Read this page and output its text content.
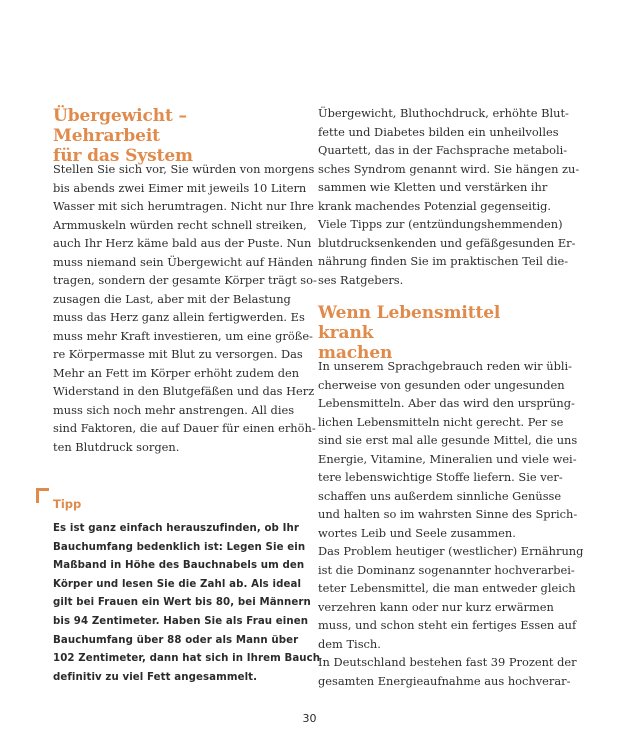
Übergewicht – Mehrarbeit
für das System

Stellen Sie sich vor, Sie würden von morgens
bis abends zwei Eimer mit jeweils 10 Litern
Wasser mit sich herumtragen. Nicht nur Ihre
Armmuskeln würden recht schnell streiken,
auch Ihr Herz käme bald aus der Puste. Nun
muss niemand sein Übergewicht auf Händen
tragen, sondern der gesamte Körper trägt so-
zusagen die Last, aber mit der Belastung
muss das Herz ganz allein fertigwerden. Es
muss mehr Kraft investieren, um eine größe-
re Körpermasse mit Blut zu versorgen. Das
Mehr an Fett im Körper erhöht zudem den
Widerstand in den Blutgefäßen und das Herz
muss sich noch mehr anstrengen. All dies
sind Faktoren, die auf Dauer für einen erhöh-
ten Blutdruck sorgen.

Tipp

Es ist ganz einfach herauszufinden, ob Ihr
Bauchumfang bedenklich ist: Legen Sie ein
Maßband in Höhe des Bauchnabels um den
Körper und lesen Sie die Zahl ab. Als ideal
gilt bei Frauen ein Wert bis 80, bei Männern
bis 94 Zentimeter. Haben Sie als Frau einen
Bauchumfang über 88 oder als Mann über
102 Zentimeter, dann hat sich in Ihrem Bauch
definitiv zu viel Fett angesammelt.

Übergewicht, Bluthochdruck, erhöhte Blut-
fette und Diabetes bilden ein unheilvolles
Quartett, das in der Fachsprache metaboli-
sches Syndrom genannt wird. Sie hängen zu-
sammen wie Kletten und verstärken ihr
krank machendes Potenzial gegenseitig.
Viele Tipps zur (entzündungshemmenden)
blutdrucksenkenden und gefäßgesunden Er-
nährung finden Sie im praktischen Teil die-
ses Ratgebers.

Wenn Lebensmittel krank
machen

In unserem Sprachgebrauch reden wir übli-
cherweise von gesunden oder ungesunden
Lebensmitteln. Aber das wird den ursprüng-
lichen Lebensmitteln nicht gerecht. Per se
sind sie erst mal alle gesunde Mittel, die uns
Energie, Vitamine, Mineralien und viele wei-
tere lebenswichtige Stoffe liefern. Sie ver-
schaffen uns außerdem sinnliche Genüsse
und halten so im wahrsten Sinne des Sprich-
wortes Leib und Seele zusammen.
Das Problem heutiger (westlicher) Ernährung
ist die Dominanz sogenannter hochverarbei-
teter Lebensmittel, die man entweder gleich
verzehren kann oder nur kurz erwärmen
muss, und schon steht ein fertiges Essen auf
dem Tisch.
In Deutschland bestehen fast 39 Prozent der
gesamten Energieaufnahme aus hochverar-

30
